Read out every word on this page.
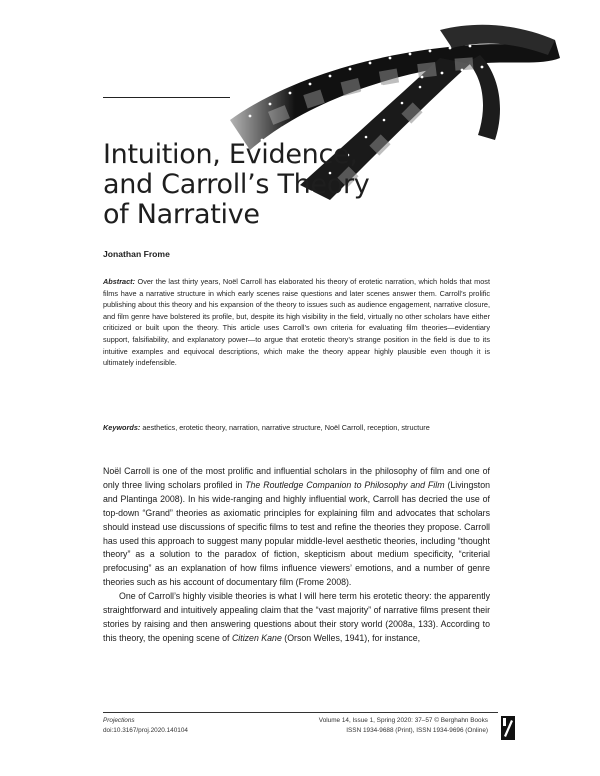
Intuition, Evidence,
and Carroll’s Theory
of Narrative
Jonathan Frome

Abstract: Over the last thirty years, Noël Carroll has elaborated his theory of erotetic narration, which holds that most films have a narrative structure in which early scenes raise questions and later scenes answer them. Carroll’s prolific publishing about this theory and his expansion of the theory to issues such as audience engagement, narrative closure, and film genre have bolstered its profile, but, despite its high visibility in the field, virtually no other scholars have either criticized or built upon the theory. This article uses Carroll’s own criteria for evaluating film theories—evidentiary support, falsifiability, and explanatory power—to argue that erotetic theory’s strange position in the field is due to its intuitive examples and equivocal descriptions, which make the theory appear highly plausible even though it is ultimately indefensible.

Keywords: aesthetics, erotetic theory, narration, narrative structure, Noël Carroll, reception, structure

Noël Carroll is one of the most prolific and influential scholars in the philosophy of film and one of only three living scholars profiled in The Routledge Companion to Philosophy and Film (Livingston and Plantinga 2008). In his wide-ranging and highly influential work, Carroll has decried the use of top-down “Grand” theories as axiomatic principles for explaining film and advocates that scholars should instead use discussions of specific films to test and refine the theories they propose. Carroll has used this approach to suggest many popular middle-level aesthetic theories, including “thought theory” as a solution to the paradox of fiction, skepticism about medium specificity, “criterial prefocusing” as an explanation of how films influence viewers’ emotions, and a number of genre theories such as his account of documentary film (Frome 2008).

One of Carroll’s highly visible theories is what I will here term his erotetic theory: the apparently straightforward and intuitively appealing claim that the “vast majority” of narrative films present their stories by raising and then answering questions about their story world (2008a, 133). According to this theory, the opening scene of Citizen Kane (Orson Welles, 1941), for instance,

Projections
doi:10.3167/proj.2020.140104
Volume 14, Issue 1, Spring 2020: 37–57 © Berghahn Books
ISSN 1934-9688 (Print), ISSN 1934-9696 (Online)
